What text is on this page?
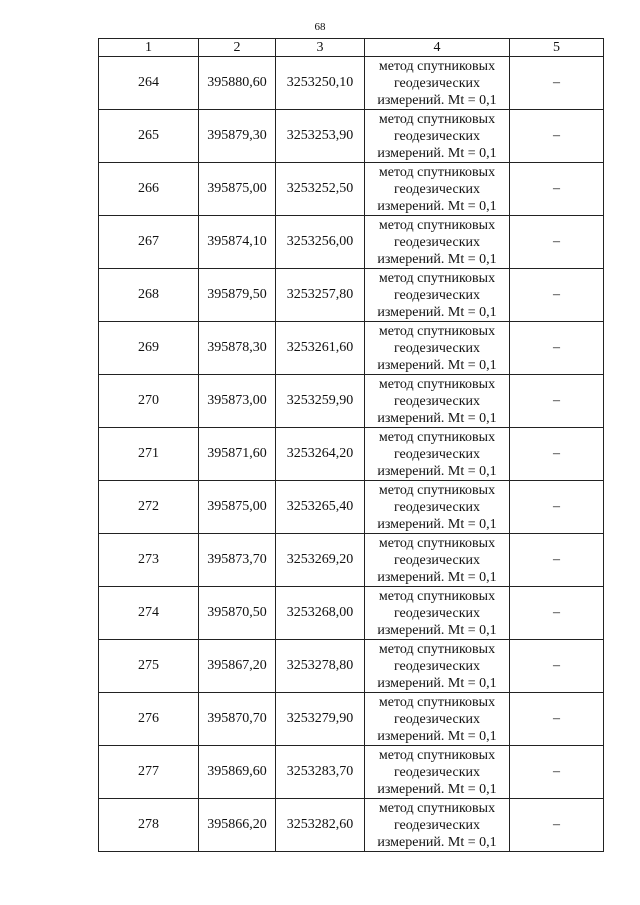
68
1	2	3	4	5
264	395880,60	3253250,10	метод спутниковых
геодезических
измерений. Mt = 0,1	–
265	395879,30	3253253,90	метод спутниковых
геодезических
измерений. Mt = 0,1	–
266	395875,00	3253252,50	метод спутниковых
геодезических
измерений. Mt = 0,1	–
267	395874,10	3253256,00	метод спутниковых
геодезических
измерений. Mt = 0,1	–
268	395879,50	3253257,80	метод спутниковых
геодезических
измерений. Mt = 0,1	–
269	395878,30	3253261,60	метод спутниковых
геодезических
измерений. Mt = 0,1	–
270	395873,00	3253259,90	метод спутниковых
геодезических
измерений. Mt = 0,1	–
271	395871,60	3253264,20	метод спутниковых
геодезических
измерений. Mt = 0,1	–
272	395875,00	3253265,40	метод спутниковых
геодезических
измерений. Mt = 0,1	–
273	395873,70	3253269,20	метод спутниковых
геодезических
измерений. Mt = 0,1	–
274	395870,50	3253268,00	метод спутниковых
геодезических
измерений. Mt = 0,1	–
275	395867,20	3253278,80	метод спутниковых
геодезических
измерений. Mt = 0,1	–
276	395870,70	3253279,90	метод спутниковых
геодезических
измерений. Mt = 0,1	–
277	395869,60	3253283,70	метод спутниковых
геодезических
измерений. Mt = 0,1	–
278	395866,20	3253282,60	метод спутниковых
геодезических
измерений. Mt = 0,1	–
